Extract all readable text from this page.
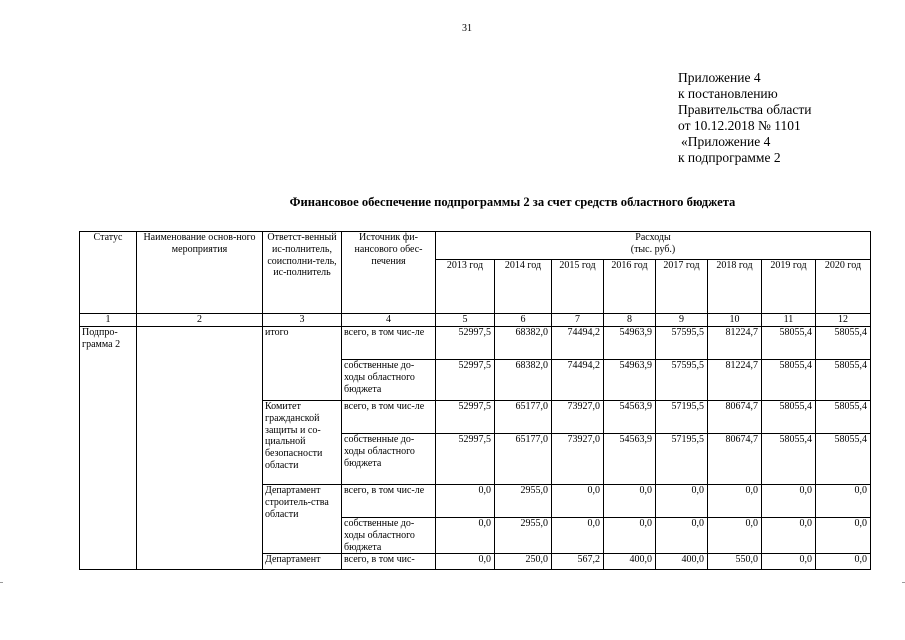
31
Приложение 4
к постановлению
Правительства области
от 10.12.2018 № 1101
«Приложение 4
к подпрограмме 2
Финансовое обеспечение подпрограммы 2 за счет средств областного бюджета
Статус	Наименование основ-ного мероприятия	Ответст-венный ис-полнитель, соисполни-тель, ис-полнитель	Источник фи-нансового обес-печения	Расходы
(тыс. руб.)							

				2013 год	2014 год	2015 год	2016 год	2017 год	2018 год	2019 год	2020 год
1	2	3	4	5	6	7	8	9	10	11	12
Подпро-грамма 2		итого	всего, в том чис-ле	52997,5	68382,0	74494,2	54963,9	57595,5	81224,7	58055,4	58055,4
			собственные до-ходы областного бюджета	52997,5	68382,0	74494,2	54963,9	57595,5	81224,7	58055,4	58055,4
		Комитет гражданской защиты и со-циальной безопасности области	всего, в том чис-ле	52997,5	65177,0	73927,0	54563,9	57195,5	80674,7	58055,4	58055,4
			собственные до-ходы областного бюджета	52997,5	65177,0	73927,0	54563,9	57195,5	80674,7	58055,4	58055,4
		Департамент строитель-ства области	всего, в том чис-ле	0,0	2955,0	0,0	0,0	0,0	0,0	0,0	0,0
			собственные до-ходы областного бюджета	0,0	2955,0	0,0	0,0	0,0	0,0	0,0	0,0
		Департамент	всего, в том чис-	0,0	250,0	567,2	400,0	400,0	550,0	0,0	0,0
